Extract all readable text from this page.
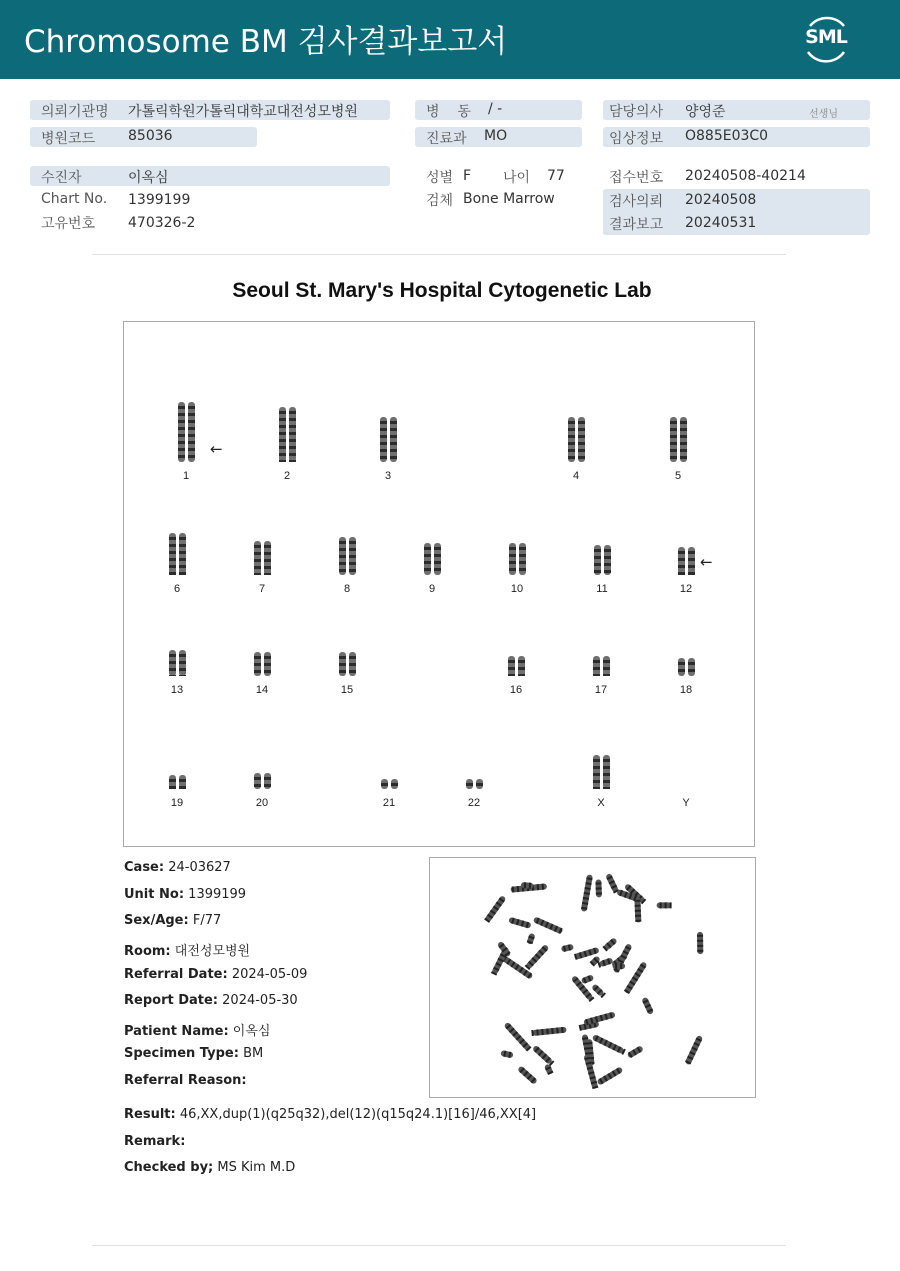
Chromosome BM 검사결과보고서	SML
의뢰기관명 가톨릭학원가톨릭대학교대전성모병원
병원코드 85036
수진자	이옥심
Chart No. 1399199
고유번호 470326-2
병    동 / -
진료과 MO
성별 F 나이 77
검체 Bone Marrow
담당의사 양영준	선생님
임상정보 O885E03C0
접수번호 20240508-40214
검사의뢰 20240508
결과보고 20240531
Seoul St. Mary's Hospital Cytogenetic Lab
1	2	3	4	5
6	7	8	9	10	11	12
13	14	15	16	17	18
19	20	21	22	X	Y
←
←
Case: 24-03627
Unit No: 1399199
Sex/Age: F/77
Room: 대전성모병원
Referral Date: 2024-05-09
Report Date: 2024-05-30
Patient Name: 이옥심
Specimen Type: BM
Referral Reason:
Result: 46,XX,dup(1)(q25q32),del(12)(q15q24.1)[16]/46,XX[4]
Remark:
Checked by; MS Kim M.D
